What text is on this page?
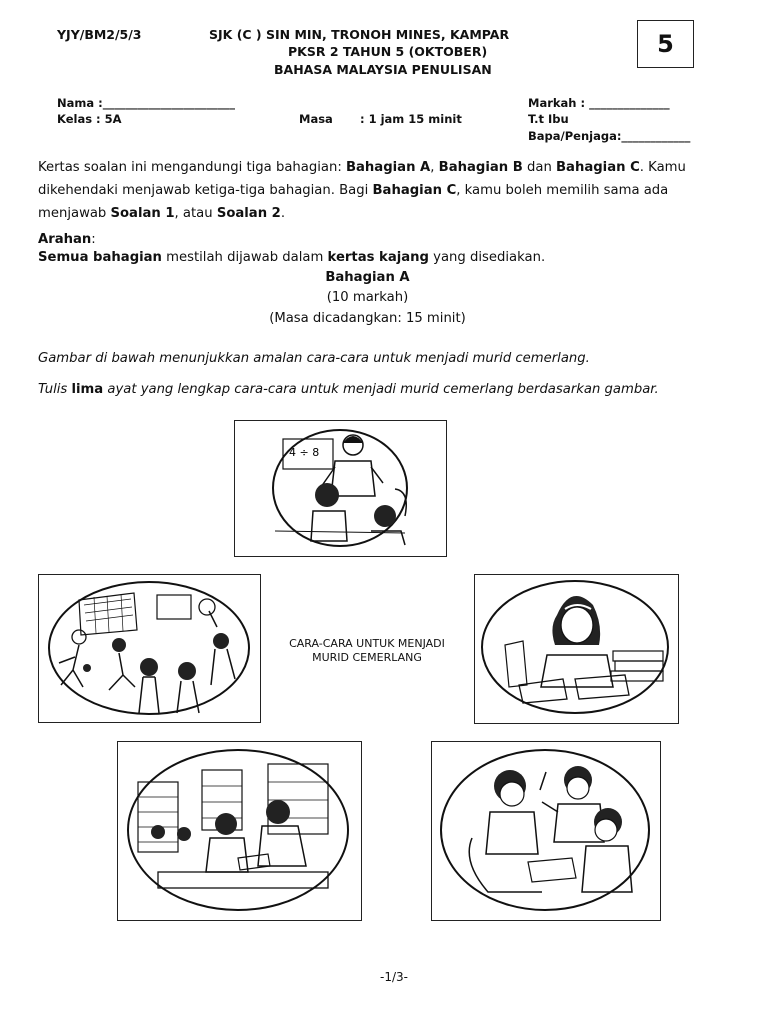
YJY/BM2/5/3	SJK (C ) SIN MIN, TRONOH MINES, KAMPAR
PKSR 2 TAHUN 5 (OKTOBER)
BAHASA MALAYSIA PENULISAN
5
Nama :_______________________
Kelas : 5A	Masa : 1 jam 15 minit
Markah : ______________
T.t Ibu
Bapa/Penjaga:____________
Kertas soalan ini mengandungi tiga bahagian: Bahagian A, Bahagian B dan Bahagian C. Kamu dikehendaki menjawab ketiga-tiga bahagian. Bagi Bahagian C, kamu boleh memilih sama ada menjawab Soalan 1, atau Soalan 2.
Arahan:
Semua bahagian mestilah dijawab dalam kertas kajang yang disediakan.
Bahagian A
(10 markah)
(Masa dicadangkan: 15 minit)
Gambar di bawah menunjukkan amalan cara-cara untuk menjadi murid cemerlang.
Tulis lima ayat yang lengkap cara-cara untuk menjadi murid cemerlang berdasarkan gambar.
4 ÷ 8
CARA-CARA UNTUK MENJADI
MURID CEMERLANG
-1/3-
